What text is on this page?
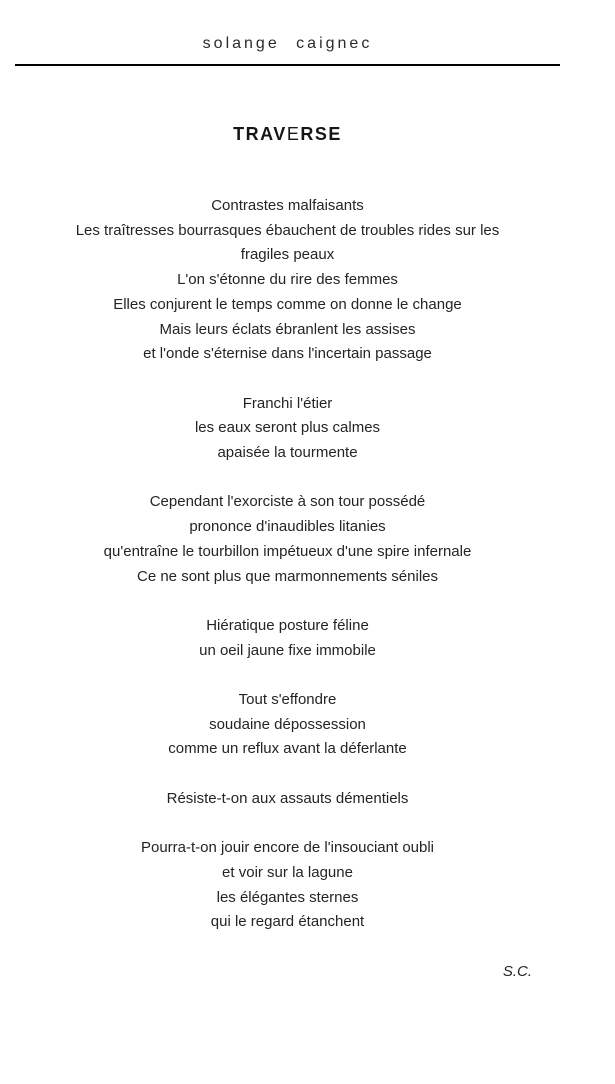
solange caignec
TRAVERSE

Contrastes malfaisants

Les traîtresses bourrasques ébauchent de troubles rides sur les

fragiles peaux

L'on s'étonne du rire des femmes

Elles conjurent le temps comme on donne le change

Mais leurs éclats ébranlent les assises

et l'onde s'éternise dans l'incertain passage

Franchi l'étier

les eaux seront plus calmes

apaisée la tourmente

Cependant l'exorciste à son tour possédé

prononce d'inaudibles litanies

qu'entraîne le tourbillon impétueux d'une spire infernale

Ce ne sont plus que marmonnements séniles

Hiératique posture féline

un oeil jaune fixe immobile

Tout s'effondre

soudaine dépossession

comme un reflux avant la déferlante

Résiste-t-on aux assauts démentiels

Pourra-t-on jouir encore de l'insouciant oubli

et voir sur la lagune

les élégantes sternes

qui le regard étanchent

S.C.
